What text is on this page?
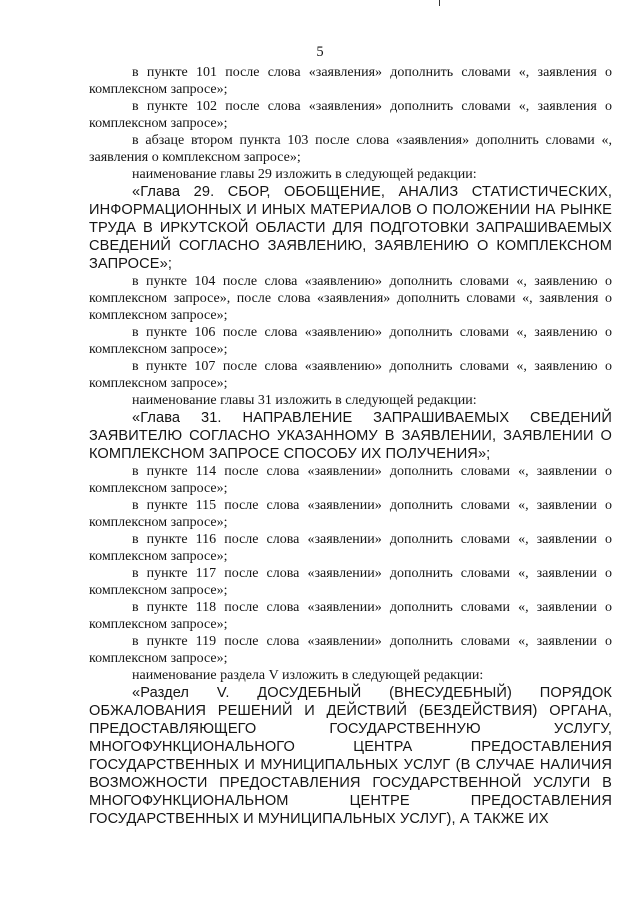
5

в пункте 101 после слова «заявления» дополнить словами «, заявления о комплексном запросе»;

в пункте 102 после слова «заявления» дополнить словами «, заявления о комплексном запросе»;

в абзаце втором пункта 103 после слова «заявления» дополнить словами «, заявления о комплексном запросе»;

наименование главы 29 изложить в следующей редакции:

«Глава 29. СБОР, ОБОБЩЕНИЕ, АНАЛИЗ СТАТИСТИЧЕСКИХ, ИНФОРМАЦИОННЫХ И ИНЫХ МАТЕРИАЛОВ О ПОЛОЖЕНИИ НА РЫНКЕ ТРУДА В ИРКУТСКОЙ ОБЛАСТИ ДЛЯ ПОДГОТОВКИ ЗАПРАШИВАЕМЫХ СВЕДЕНИЙ СОГЛАСНО ЗАЯВЛЕНИЮ, ЗАЯВЛЕНИЮ О КОМПЛЕКСНОМ ЗАПРОСЕ»;

в пункте 104 после слова «заявлению» дополнить словами «, заявлению о комплексном запросе», после слова «заявления» дополнить словами «, заявления о комплексном запросе»;

в пункте 106 после слова «заявлению» дополнить словами «, заявлению о комплексном запросе»;

в пункте 107 после слова «заявлению» дополнить словами «, заявлению о комплексном запросе»;

наименование главы 31 изложить в следующей редакции:

«Глава 31. НАПРАВЛЕНИЕ ЗАПРАШИВАЕМЫХ СВЕДЕНИЙ ЗАЯВИТЕЛЮ СОГЛАСНО УКАЗАННОМУ В ЗАЯВЛЕНИИ, ЗАЯВЛЕНИИ О КОМПЛЕКСНОМ ЗАПРОСЕ СПОСОБУ ИХ ПОЛУЧЕНИЯ»;

в пункте 114 после слова «заявлении» дополнить словами «, заявлении о комплексном запросе»;

в пункте 115 после слова «заявлении» дополнить словами «, заявлении о комплексном запросе»;

в пункте 116 после слова «заявлении» дополнить словами «, заявлении о комплексном запросе»;

в пункте 117 после слова «заявлении» дополнить словами «, заявлении о комплексном запросе»;

в пункте 118 после слова «заявлении» дополнить словами «, заявлении о комплексном запросе»;

в пункте 119 после слова «заявлении» дополнить словами «, заявлении о комплексном запросе»;

наименование раздела V изложить в следующей редакции:

«Раздел V. ДОСУДЕБНЫЙ (ВНЕСУДЕБНЫЙ) ПОРЯДОК ОБЖАЛОВАНИЯ РЕШЕНИЙ И ДЕЙСТВИЙ (БЕЗДЕЙСТВИЯ) ОРГАНА, ПРЕДОСТАВЛЯЮЩЕГО ГОСУДАРСТВЕННУЮ УСЛУГУ, МНОГОФУНКЦИОНАЛЬНОГО ЦЕНТРА ПРЕДОСТАВЛЕНИЯ ГОСУДАРСТВЕННЫХ И МУНИЦИПАЛЬНЫХ УСЛУГ (В СЛУЧАЕ НАЛИЧИЯ ВОЗМОЖНОСТИ ПРЕДОСТАВЛЕНИЯ ГОСУДАРСТВЕННОЙ УСЛУГИ В МНОГОФУНКЦИОНАЛЬНОМ ЦЕНТРЕ ПРЕДОСТАВЛЕНИЯ ГОСУДАРСТВЕННЫХ И МУНИЦИПАЛЬНЫХ УСЛУГ), А ТАКЖЕ ИХ
